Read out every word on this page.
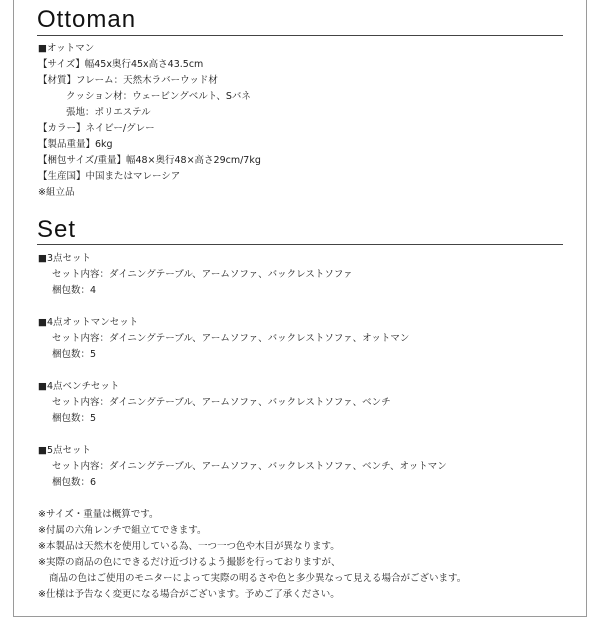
Ottoman
■オットマン
【サイズ】幅45x奥行45x高さ43.5cm
【材質】フレーム：天然木ラバーウッド材
クッション材：ウェービングベルト、Sバネ
張地：ポリエステル
【カラー】ネイビー/グレー
【製品重量】6kg
【梱包サイズ/重量】幅48×奥行48×高さ29cm/7kg
【生産国】中国またはマレーシア
※組立品
Set
■3点セット
セット内容：ダイニングテーブル、アームソファ、バックレストソファ
梱包数：4
■4点オットマンセット
セット内容：ダイニングテーブル、アームソファ、バックレストソファ、オットマン
梱包数：5
■4点ベンチセット
セット内容：ダイニングテーブル、アームソファ、バックレストソファ、ベンチ
梱包数：5
■5点セット
セット内容：ダイニングテーブル、アームソファ、バックレストソファ、ベンチ、オットマン
梱包数：6
※サイズ・重量は概算です。
※付属の六角レンチで組立てできます。
※本製品は天然木を使用している為、一つ一つ色や木目が異なります。
※実際の商品の色にできるだけ近づけるよう撮影を行っておりますが、
商品の色はご使用のモニターによって実際の明るさや色と多少異なって見える場合がございます。
※仕様は予告なく変更になる場合がございます。予めご了承ください。
